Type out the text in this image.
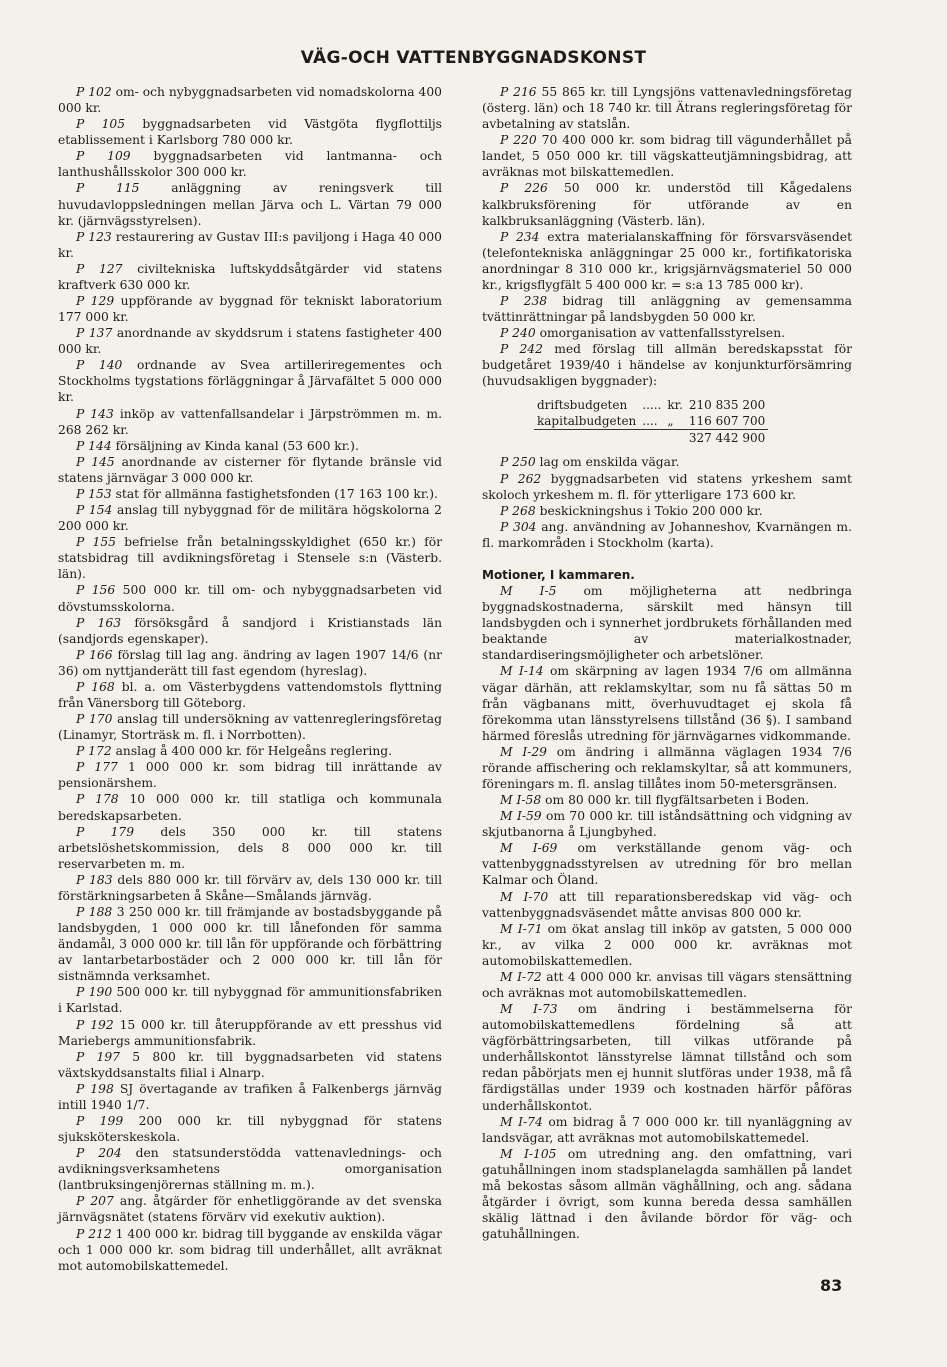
VÄG-OCH VATTENBYGGNADSKONST

P 102 om- och nybyggnadsarbeten vid nomadskolorna 400 000 kr.

P 105 byggnadsarbeten vid Västgöta flygflottiljs etablissement i Karlsborg 780 000 kr.

P 109 byggnadsarbeten vid lantmanna- och lanthushållsskolor 300 000 kr.

P 115	anläggning av reningsverk till huvudavloppsledningen mellan Järva och L. Värtan 79 000 kr. (järnvägsstyrelsen).

P 123 restaurering av Gustav III:s paviljong i Haga 40 000 kr.

P 127 civiltekniska luftskyddsåtgärder vid statens kraftverk 630 000 kr.

P 129 uppförande av byggnad för tekniskt laboratorium 177 000 kr.

P 137 anordnande av skyddsrum i statens fastigheter 400 000 kr.

P 140 ordnande av Svea artilleriregementes och Stockholms tygstations förläggningar å Järvafältet 5 000 000 kr.

P 143 inköp av vattenfallsandelar i Järpströmmen m. m. 268 262 kr.

P 144 försäljning av Kinda kanal (53 600 kr.).

P 145 anordnande av cisterner för flytande bränsle vid statens järnvägar 3 000 000 kr.

P 153 stat för allmänna fastighetsfonden (17 163 100 kr.).

P 154 anslag till nybyggnad för de militära högskolorna 2 200 000 kr.

P 155 befrielse från betalningsskyldighet (650 kr.) för statsbidrag till avdikningsföretag i Stensele s:n (Västerb. län).

P 156 500 000 kr. till om- och nybyggnadsarbeten vid dövstumsskolorna.

P 163 försöksgård å sandjord i Kristianstads län (sandjords egenskaper).

P 166 förslag till lag ang. ändring av lagen 1907 14/6 (nr 36) om nyttjanderätt till fast egendom (hyreslag).

P 168 bl. a. om Västerbygdens vattendomstols flyttning från Vänersborg till Göteborg.

P 170 anslag till undersökning av vattenregleringsföretag (Linamyr, Storträsk m. fl. i Norrbotten).

P 172 anslag å 400 000 kr. för Helgeåns reglering.

P 177 1 000 000 kr. som bidrag till inrättande av pensionärshem.

P 178 10 000 000 kr. till statliga och kommunala beredskapsarbeten.

P 179 dels 350 000 kr. till statens arbetslöshetskommission, dels 8 000 000 kr. till reservarbeten m. m.

P 183 dels 880 000 kr. till förvärv av, dels 130 000 kr. till förstärkningsarbeten å Skåne—Smålands järnväg.

P 188 3 250 000 kr. till främjande av bostadsbyggande på landsbygden, 1 000 000 kr. till lånefonden för samma ändamål, 3 000 000 kr. till lån för uppförande och förbättring av lantarbetarbostäder och 2 000 000 kr. till lån för sistnämnda verksamhet.

P 190 500 000 kr. till nybyggnad för ammunitionsfabriken i Karlstad.

P 192 15 000 kr. till återuppförande av ett presshus vid Mariebergs ammunitionsfabrik.

P 197 5 800 kr. till byggnadsarbeten vid statens växtskyddsanstalts filial i Alnarp.

P 198 SJ övertagande av trafiken å Falkenbergs järnväg intill 1940 1/7.

P 199 200 000 kr. till nybyggnad för statens sjuksköterskeskola.

P 204 den statsunderstödda vattenavlednings- och avdikningsverksamhetens omorganisation (lantbruksingenjörernas ställning m. m.).

P 207 ang. åtgärder för enhetliggörande av det svenska järnvägsnätet (statens förvärv vid exekutiv auktion).

P 212 1 400 000 kr. bidrag till byggande av enskilda vägar och 1 000 000 kr. som bidrag till underhållet, allt avräknat mot automobilskattemedel.

P 216 55 865 kr. till Lyngsjöns vattenavledningsföretag (österg. län) och 18 740 kr. till Ätrans regleringsföretag för avbetalning av statslån.

P 220 70 400 000 kr. som bidrag till vägunderhållet på landet, 5 050 000 kr. till vägskatteutjämningsbidrag, att avräknas mot bilskattemedlen.

P 226 50 000 kr. understöd till Kågedalens kalkbruksförening för utförande av en kalkbruksanläggning (Västerb. län).

P 234 extra materialanskaffning för försvarsväsendet (telefontekniska anläggningar 25 000 kr., fortifikatoriska anordningar 8 310 000 kr., krigsjärnvägsmateriel 50 000 kr., krigsflygfält 5 400 000 kr. = s:a 13 785 000 kr).

P 238 bidrag till anläggning av gemensamma tvättinrättningar på landsbygden 50 000 kr.

P 240 omorganisation av vattenfallsstyrelsen.

P 242 med förslag till allmän beredskapsstat för budgetåret 1939/40 i händelse av konjunkturförsämring (huvudsakligen byggnader):

driftsbudgeten	.....	kr.	210 835 200
kapitalbudgeten	....	„	116 607 700
			327 442 900

P 250 lag om enskilda vägar.

P 262 byggnadsarbeten vid statens yrkeshem samt skoloch yrkeshem m. fl. för ytterligare 173 600 kr.

P 268 beskickningshus i Tokio 200 000 kr.

P 304 ang. användning av Johanneshov, Kvarnängen m. fl. markområden i Stockholm (karta).

Motioner, I kammaren.

M I-5 om möjligheterna att nedbringa byggnadskostnaderna, särskilt med hänsyn till landsbygden och i synnerhet jordbrukets förhållanden med beaktande av materialkostnader, standardiseringsmöjligheter och arbetslöner.

M I-14 om skärpning av lagen 1934 7/6 om allmänna vägar därhän, att reklamskyltar, som nu få sättas 50 m från vägbanans mitt, överhuvudtaget ej skola få förekomma utan länsstyrelsens tillstånd (36 §). I samband härmed föreslås utredning för järnvägarnes vidkommande.

M I-29 om ändring i allmänna väglagen 1934 7/6 rörande affischering och reklamskyltar, så att kommuners, föreningars m. fl. anslag tillåtes inom 50-metersgränsen.

M I-58 om 80 000 kr. till flygfältsarbeten i Boden.

M I-59 om 70 000 kr. till iståndsättning och vidgning av skjutbanorna å Ljungbyhed.

M I-69 om verkställande genom väg- och vattenbyggnadsstyrelsen av utredning för bro mellan Kalmar och Öland.

M I-70 att till reparationsberedskap vid väg- och vattenbyggnadsväsendet måtte anvisas 800 000 kr.

M I-71 om ökat anslag till inköp av gatsten, 5 000 000 kr., av vilka 2 000 000 kr. avräknas mot automobilskattemedlen.

M I-72 att 4 000 000 kr. anvisas till vägars stensättning och avräknas mot automobilskattemedlen.

M I-73 om ändring i bestämmelserna för automobilskattemedlens fördelning så att vägförbättringsarbeten, till vilkas utförande på underhållskontot länsstyrelse lämnat tillstånd och som redan påbörjats men ej hunnit slutföras under 1938, må få färdigställas under 1939 och kostnaden härför påföras underhållskontot.

M I-74 om bidrag å 7 000 000 kr. till nyanläggning av landsvägar, att avräknas mot automobilskattemedel.

M I-105 om utredning ang. den omfattning, vari gatuhållningen inom stadsplanelagda samhällen på landet må bekostas såsom allmän väghållning, och ang. sådana åtgärder i övrigt, som kunna bereda dessa samhällen skälig lättnad i den åvilande bördor för väg- och gatuhållningen.

83
